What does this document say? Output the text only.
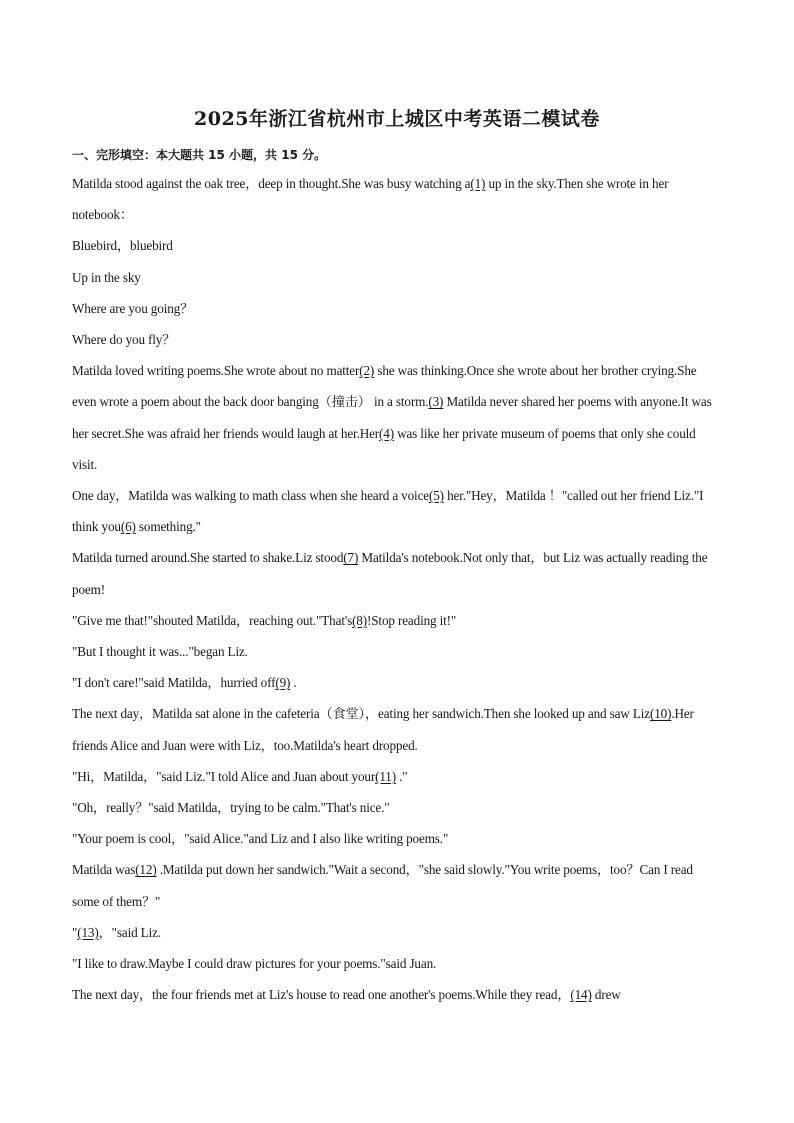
2025年浙江省杭州市上城区中考英语二模试卷
一、完形填空：本大题共 15 小题，共 15 分。

Matilda stood against the oak tree，deep in thought.She was busy watching a(1) up in the sky.Then she wrote in her notebook：

Bluebird，bluebird

Up in the sky

Where are you going？

Where do you fly？

Matilda loved writing poems.She wrote about no matter(2) she was thinking.Once she wrote about her brother crying.She even wrote a poem about the back door banging（撞击） in a storm.(3) Matilda never shared her poems with anyone.It was her secret.She was afraid her friends would laugh at her.Her(4) was like her private museum of poems that only she could visit.

One day，Matilda was walking to math class when she heard a voice(5) her."Hey，Matilda ！"called out her friend Liz."I think you(6) something."

Matilda turned around.She started to shake.Liz stood(7) Matilda's notebook.Not only that，but Liz was actually reading the poem!

"Give me that!"shouted Matilda，reaching out."That's(8)!Stop reading it!"

"But I thought it was..."began Liz.

"I don't care!"said Matilda，hurried off(9) .

The next day，Matilda sat alone in the cafeteria（食堂），eating her sandwich.Then she looked up and saw Liz(10).Her friends Alice and Juan were with Liz，too.Matilda's heart dropped.

"Hi，Matilda，"said Liz."I told Alice and Juan about your(11) ."

"Oh，really？"said Matilda，trying to be calm."That's nice."

"Your poem is cool，"said Alice."and Liz and I also like writing poems."

Matilda was(12) .Matilda put down her sandwich."Wait a second，"she said slowly."You write poems，too？Can I read some of them？"

"(13)，"said Liz.

"I like to draw.Maybe I could draw pictures for your poems."said Juan.

The next day，the four friends met at Liz's house to read one another's poems.While they read，(14) drew
